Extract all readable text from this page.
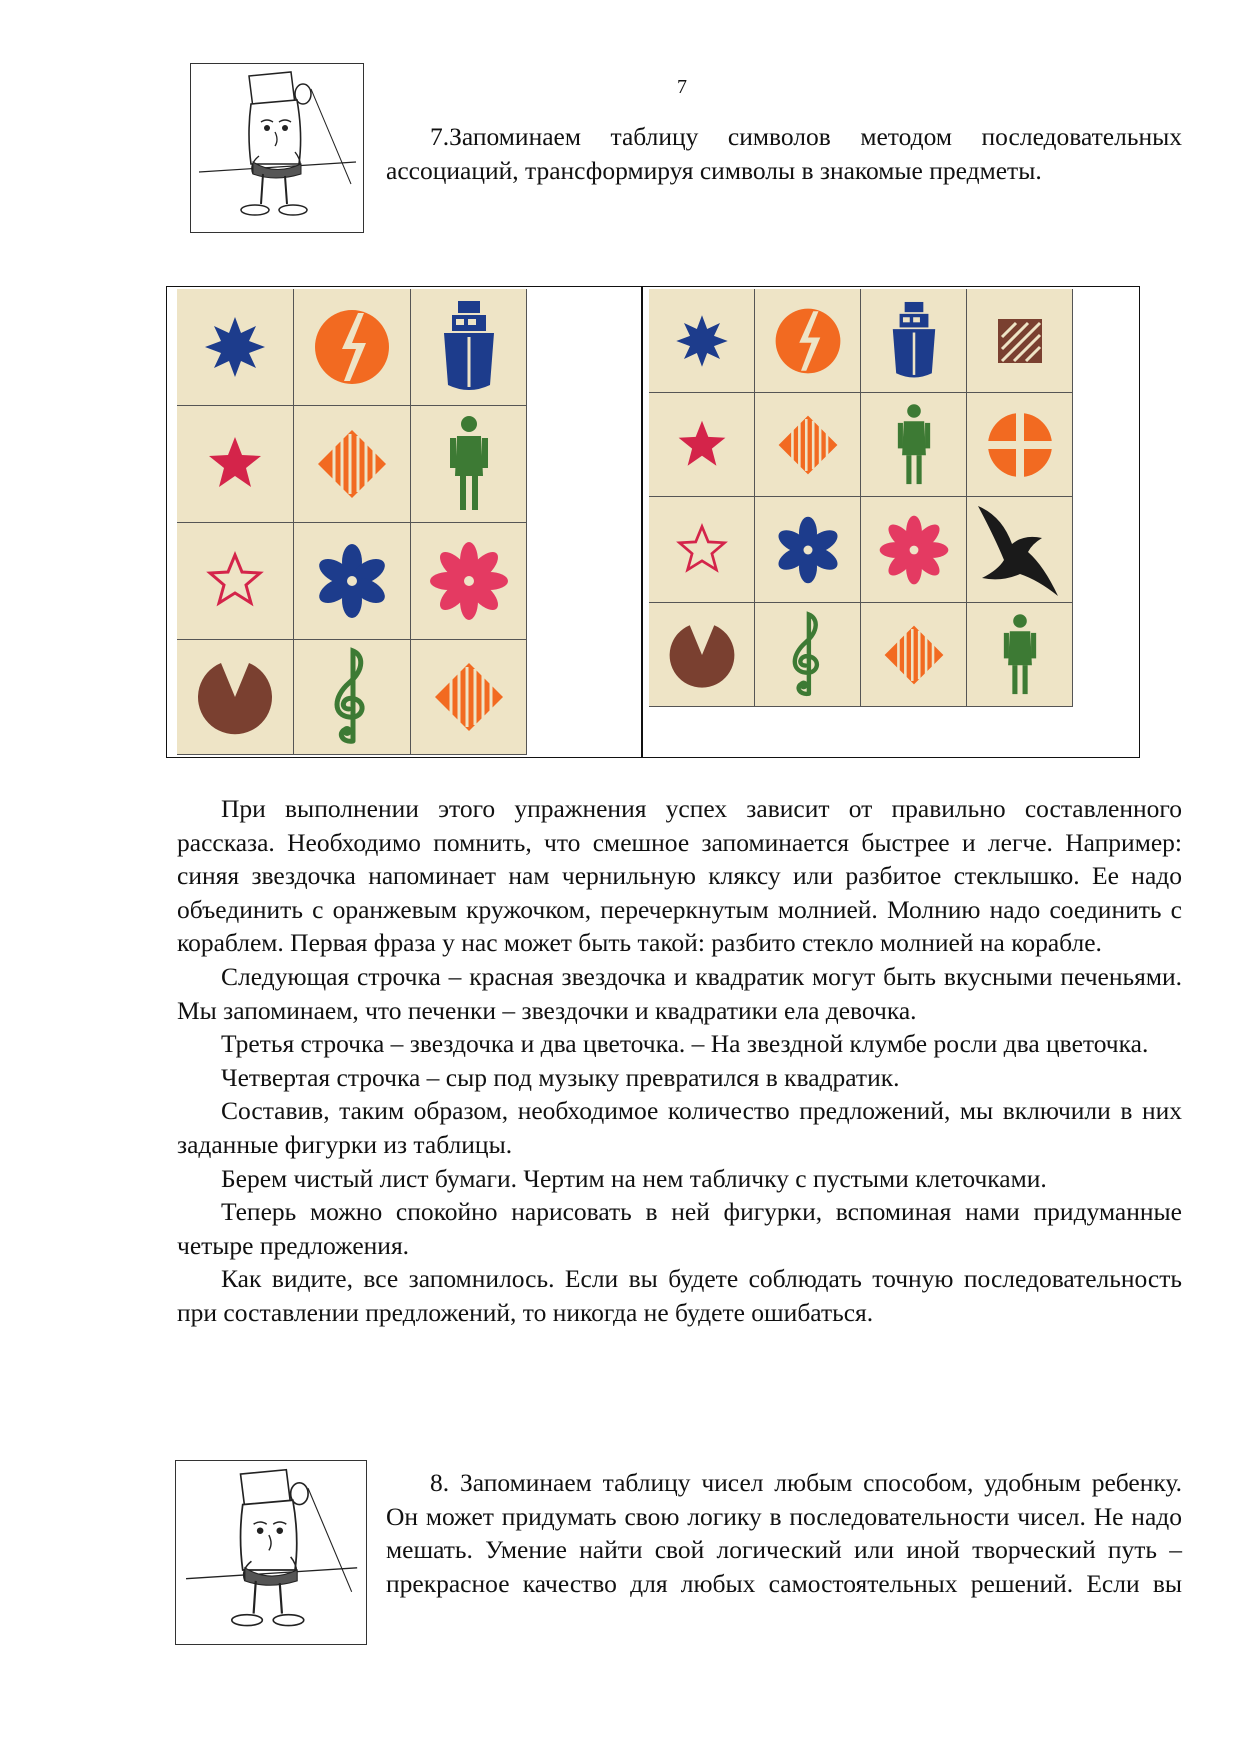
7

7.Запоминаем таблицу символов методом последовательных ассоциаций, трансформируя символы в знакомые предметы.

При выполнении этого упражнения успех зависит от правильно составленного рассказа. Необходимо помнить, что смешное запоминается быстрее и легче. Например: синяя звездочка напоминает нам чернильную кляксу или разбитое стеклышко. Ее надо объединить с оранжевым кружочком, перечеркнутым молнией. Молнию надо соединить с кораблем. Первая фраза у нас может быть такой: разбито стекло молнией на корабле.

Следующая строчка – красная звездочка и квадратик могут быть вкусными печеньями. Мы запоминаем, что печенки – звездочки и квадратики ела девочка.

Третья строчка – звездочка и два цветочка. – На звездной клумбе росли два цветочка.

Четвертая строчка – сыр под музыку превратился в квадратик.

Составив, таким образом, необходимое количество предложений, мы включили в них заданные фигурки из таблицы.

Берем чистый лист бумаги. Чертим на нем табличку с пустыми клеточками.

Теперь можно спокойно нарисовать в ней фигурки, вспоминая нами придуманные четыре предложения.

Как видите, все запомнилось. Если вы будете соблюдать точную последовательность при составлении предложений, то никогда не будете ошибаться.

8. Запоминаем таблицу чисел любым способом, удобным ребенку. Он может придумать свою логику в последовательности чисел. Не надо мешать. Умение найти свой логический или иной творческий путь – прекрасное качество для любых самостоятельных решений. Если вы
